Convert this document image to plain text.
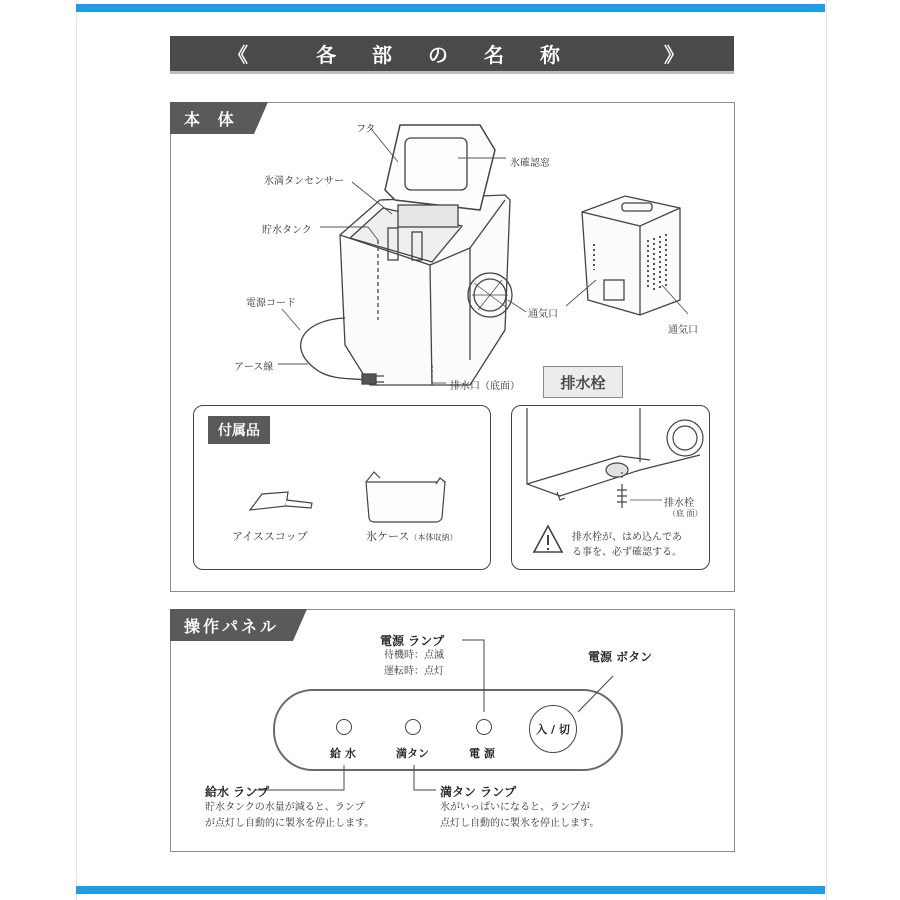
《	各部の名称	》
本 体
フタ
氷確認窓
氷満タンセンサー
貯水タンク
電源コード
アース線
通気口
通気口
排水口（底面）	排水栓
付属品
アイススコップ	氷ケース（本体収納）
排水栓
（底 面）
排水栓が、はめ込んであ
る事を、必ず確認する。
操作パネル
電源 ランプ
待機時：点滅
運転時：点灯
電源 ボタン
給 水	満タン	電 源
入 / 切
給水 ランプ
貯水タンクの水量が減ると、ランプ
が点灯し自動的に製氷を停止します。
満タン ランプ
氷がいっぱいになると、ランプが
点灯し自動的に製氷を停止します。
